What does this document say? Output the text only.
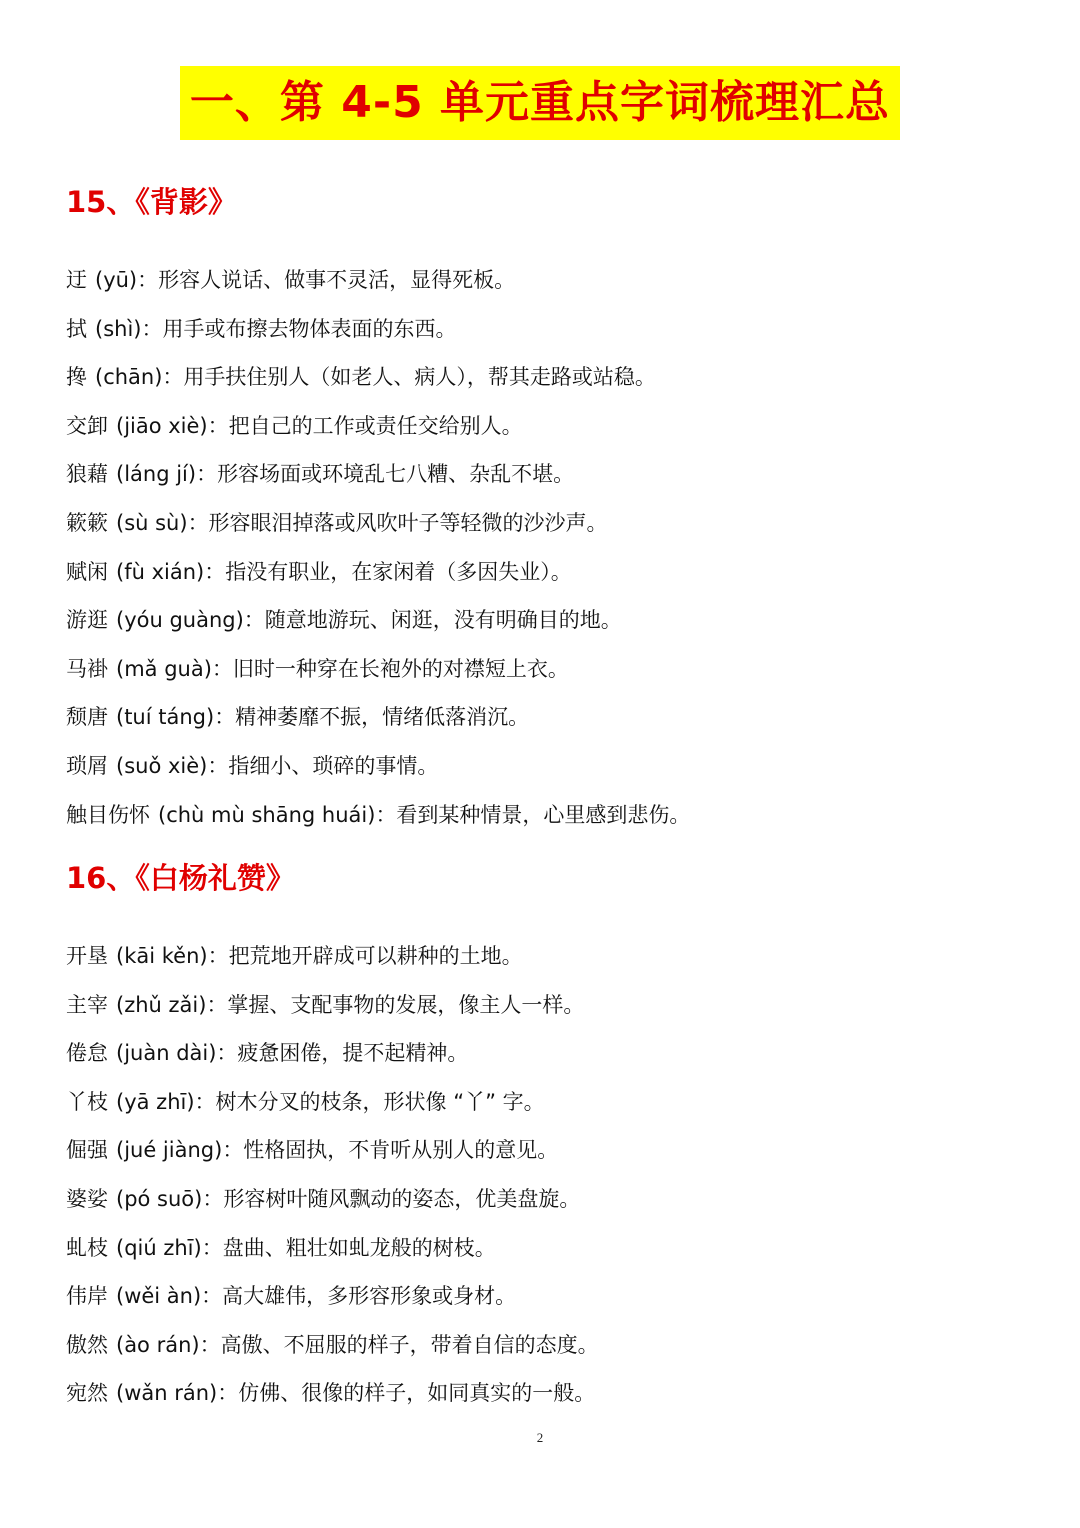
一、第 4-5 单元重点字词梳理汇总
15、《背影》
迂 (yū)：形容人说话、做事不灵活，显得死板。
拭 (shì)：用手或布擦去物体表面的东西。
搀 (chān)：用手扶住别人（如老人、病人），帮其走路或站稳。
交卸 (jiāo xiè)：把自己的工作或责任交给别人。
狼藉 (láng jí)：形容场面或环境乱七八糟、杂乱不堪。
簌簌 (sù sù)：形容眼泪掉落或风吹叶子等轻微的沙沙声。
赋闲 (fù xián)：指没有职业，在家闲着（多因失业）。
游逛 (yóu guàng)：随意地游玩、闲逛，没有明确目的地。
马褂 (mǎ guà)：旧时一种穿在长袍外的对襟短上衣。
颓唐 (tuí táng)：精神萎靡不振，情绪低落消沉。
琐屑 (suǒ xiè)：指细小、琐碎的事情。
触目伤怀 (chù mù shāng huái)：看到某种情景，心里感到悲伤。
16、《白杨礼赞》
开垦 (kāi kěn)：把荒地开辟成可以耕种的土地。
主宰 (zhǔ zǎi)：掌握、支配事物的发展，像主人一样。
倦怠 (juàn dài)：疲惫困倦，提不起精神。
丫枝 (yā zhī)：树木分叉的枝条，形状像 “丫” 字。
倔强 (jué jiàng)：性格固执，不肯听从别人的意见。
婆娑 (pó suō)：形容树叶随风飘动的姿态，优美盘旋。
虬枝 (qiú zhī)：盘曲、粗壮如虬龙般的树枝。
伟岸 (wěi àn)：高大雄伟，多形容形象或身材。
傲然 (ào rán)：高傲、不屈服的样子，带着自信的态度。
宛然 (wǎn rán)：仿佛、很像的样子，如同真实的一般。
2
